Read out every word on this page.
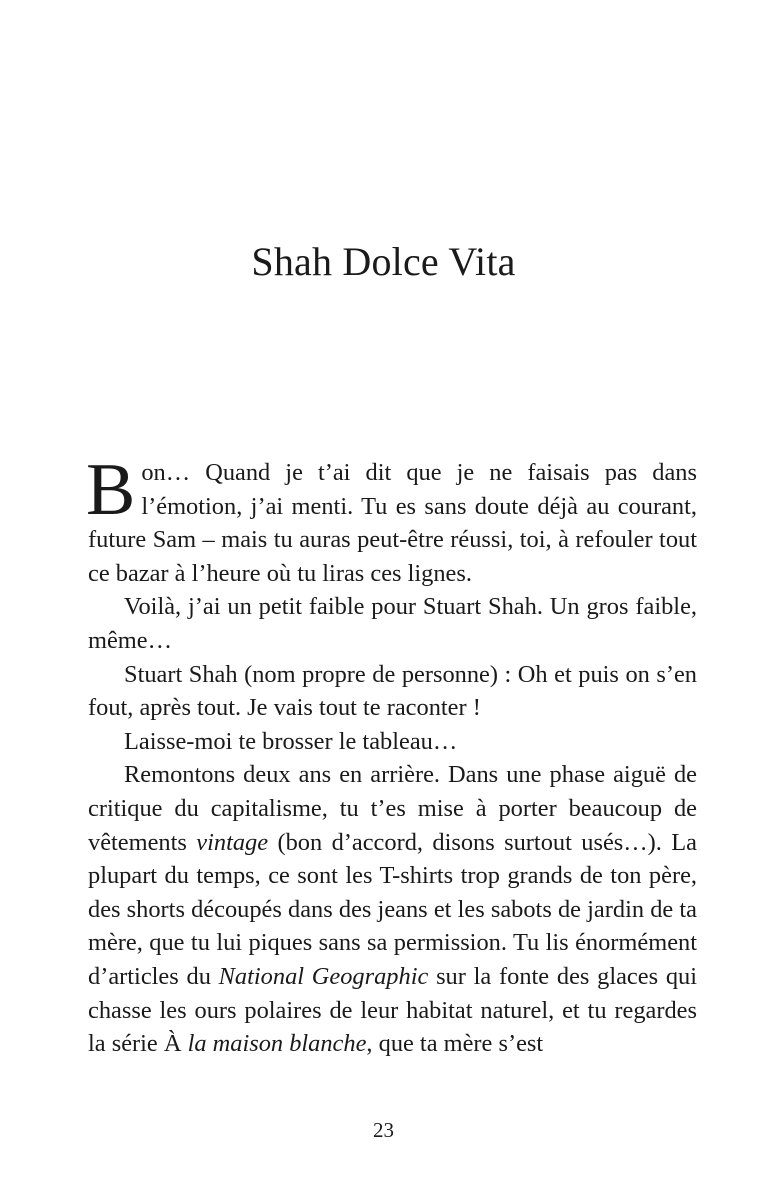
Shah Dolce Vita

Bon… Quand je t’ai dit que je ne faisais pas dans l’émotion, j’ai menti. Tu es sans doute déjà au courant, future Sam – mais tu auras peut-être réussi, toi, à refouler tout ce bazar à l’heure où tu liras ces lignes.

Voilà, j’ai un petit faible pour Stuart Shah. Un gros faible, même…

Stuart Shah (nom propre de personne) : Oh et puis on s’en fout, après tout. Je vais tout te raconter !

Laisse-moi te brosser le tableau…

Remontons deux ans en arrière. Dans une phase aiguë de critique du capitalisme, tu t’es mise à porter beaucoup de vêtements vintage (bon d’accord, disons surtout usés…). La plupart du temps, ce sont les T-shirts trop grands de ton père, des shorts découpés dans des jeans et les sabots de jardin de ta mère, que tu lui piques sans sa permission. Tu lis énormément d’articles du National Geographic sur la fonte des glaces qui chasse les ours polaires de leur habitat naturel, et tu regardes la série À la maison blanche, que ta mère s’est

23
